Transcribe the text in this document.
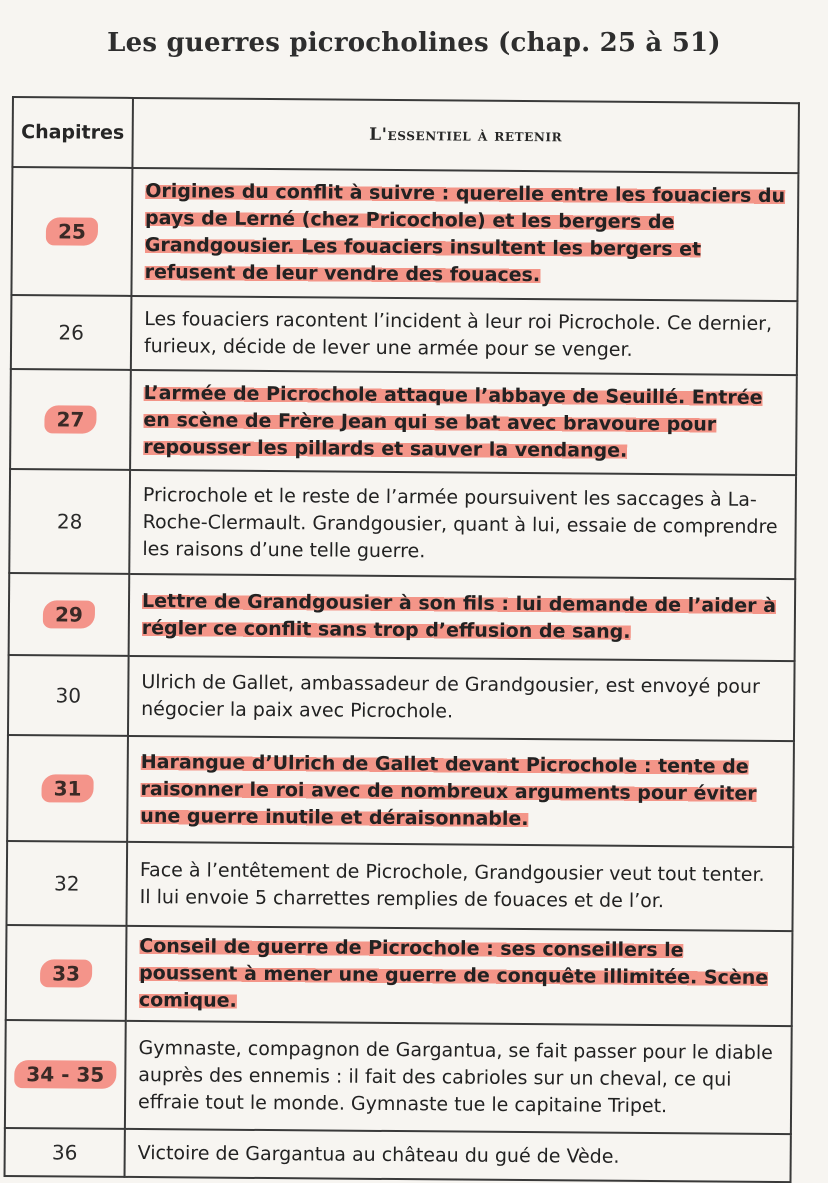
Les guerres picrocholines (chap. 25 à 51)
Chapitres	L'essentiel à retenir
25	Origines du conflit à suivre : querelle entre les fouaciers du pays de Lerné (chez Pricochole) et les bergers de Grandgousier. Les fouaciers insultent les bergers et refusent de leur vendre des fouaces.

26	Les fouaciers racontent l’incident à leur roi Picrochole. Ce dernier, furieux, décide de lever une armée pour se venger.

27	L’armée de Picrochole attaque l’abbaye de Seuillé. Entrée en scène de Frère Jean qui se bat avec bravoure pour repousser les pillards et sauver la vendange.

28	Pricrochole et le reste de l’armée poursuivent les saccages à La-Roche-Clermault. Grandgousier, quant à lui, essaie de comprendre les raisons d’une telle guerre.

29	Lettre de Grandgousier à son fils : lui demande de l’aider à régler ce conflit sans trop d’effusion de sang.

30	Ulrich de Gallet, ambassadeur de Grandgousier, est envoyé pour négocier la paix avec Picrochole.

31	Harangue d’Ulrich de Gallet devant Picrochole : tente de raisonner le roi avec de nombreux arguments pour éviter une guerre inutile et déraisonnable.

32	Face à l’entêtement de Picrochole, Grandgousier veut tout tenter. Il lui envoie 5 charrettes remplies de fouaces et de l’or.

33	Conseil de guerre de Picrochole : ses conseillers le poussent à mener une guerre de conquête illimitée. Scène comique.

34 - 35	Gymnaste, compagnon de Gargantua, se fait passer pour le diable auprès des ennemis : il fait des cabrioles sur un cheval, ce qui effraie tout le monde. Gymnaste tue le capitaine Tripet.

36	Victoire de Gargantua au château du gué de Vède.
